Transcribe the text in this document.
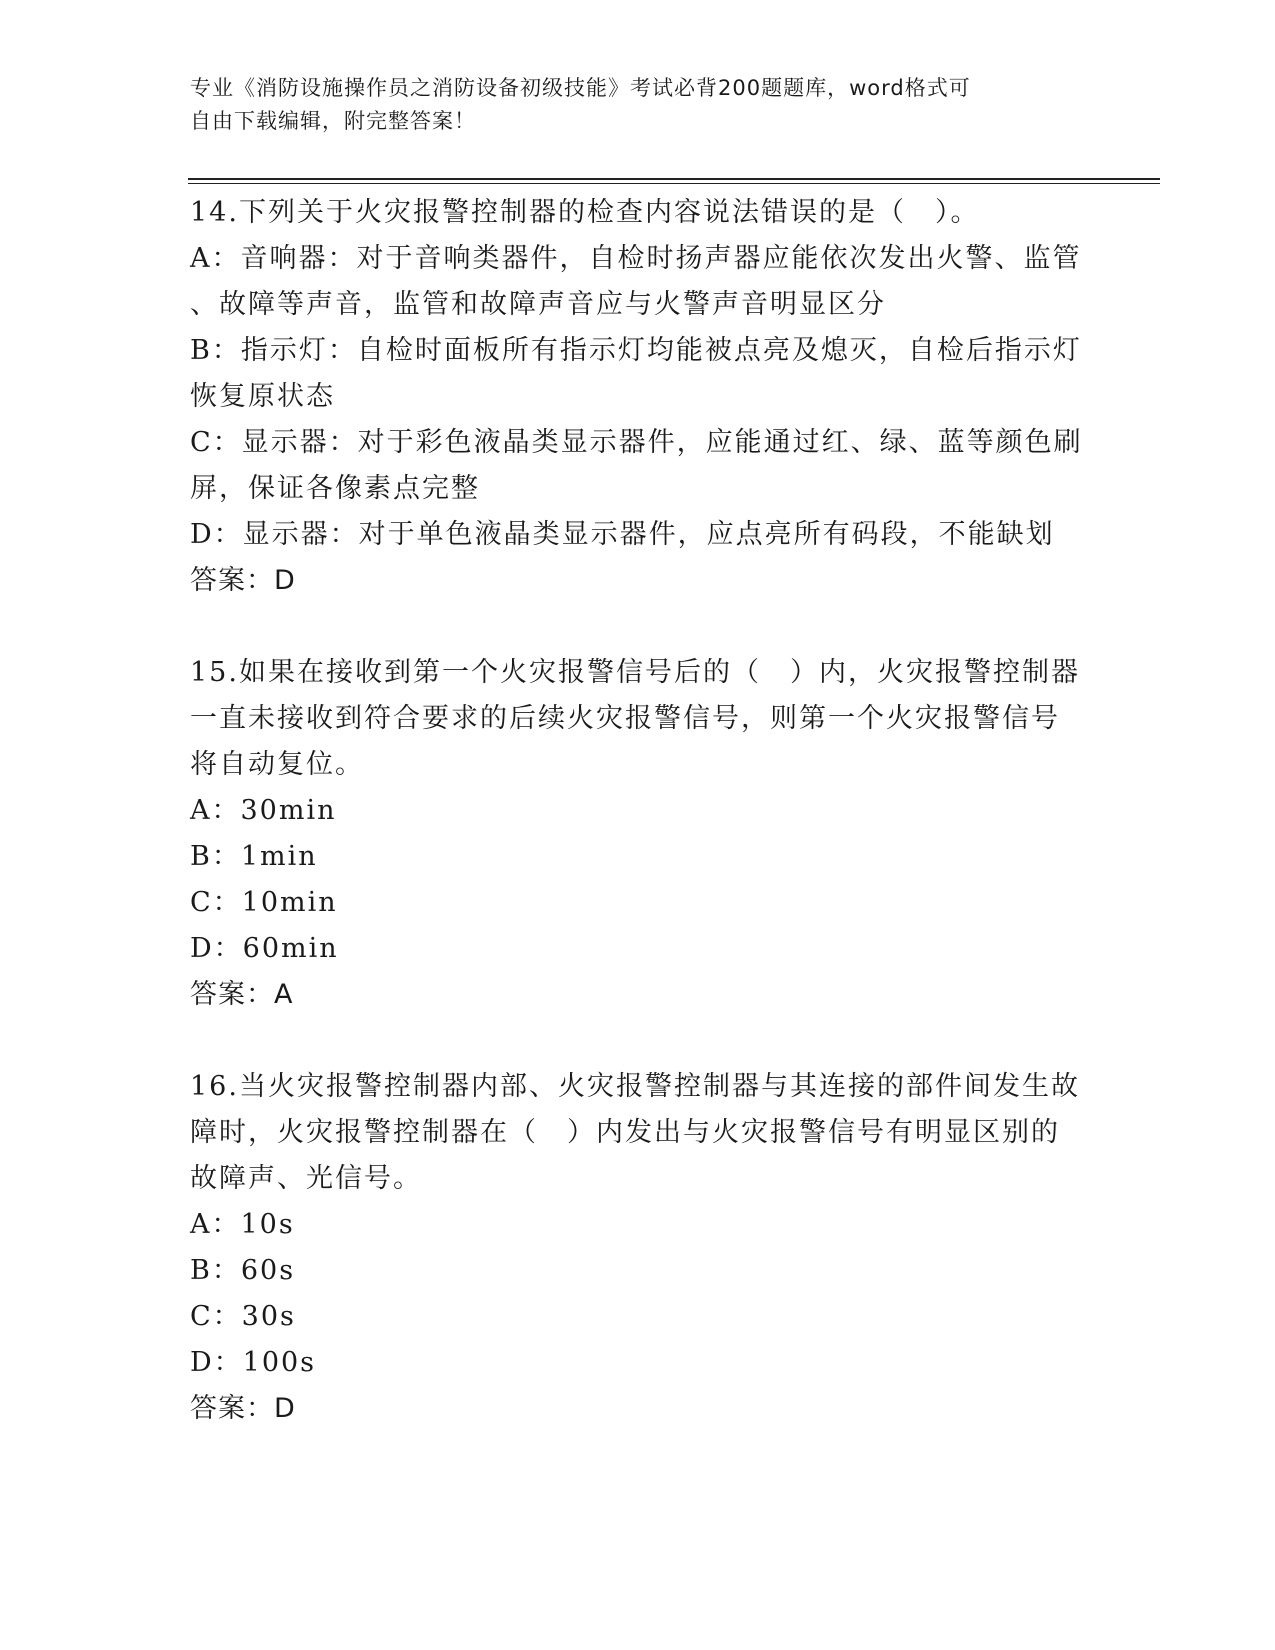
专业《消防设施操作员之消防设备初级技能》考试必背200题题库，word格式可

自由下载编辑，附完整答案！

14.下列关于火灾报警控制器的检查内容说法错误的是（　）。
A：音响器：对于音响类器件，自检时扬声器应能依次发出火警、监管
、故障等声音，监管和故障声音应与火警声音明显区分
B：指示灯：自检时面板所有指示灯均能被点亮及熄灭，自检后指示灯
恢复原状态
C：显示器：对于彩色液晶类显示器件，应能通过红、绿、蓝等颜色刷
屏，保证各像素点完整
D：显示器：对于单色液晶类显示器件，应点亮所有码段，不能缺划
答案：D
15.如果在接收到第一个火灾报警信号后的（　）内，火灾报警控制器
一直未接收到符合要求的后续火灾报警信号，则第一个火灾报警信号
将自动复位。
A：30min
B：1min
C：10min
D：60min
答案：A
16.当火灾报警控制器内部、火灾报警控制器与其连接的部件间发生故
障时，火灾报警控制器在（　）内发出与火灾报警信号有明显区别的
故障声、光信号。
A：10s
B：60s
C：30s
D：100s
答案：D
